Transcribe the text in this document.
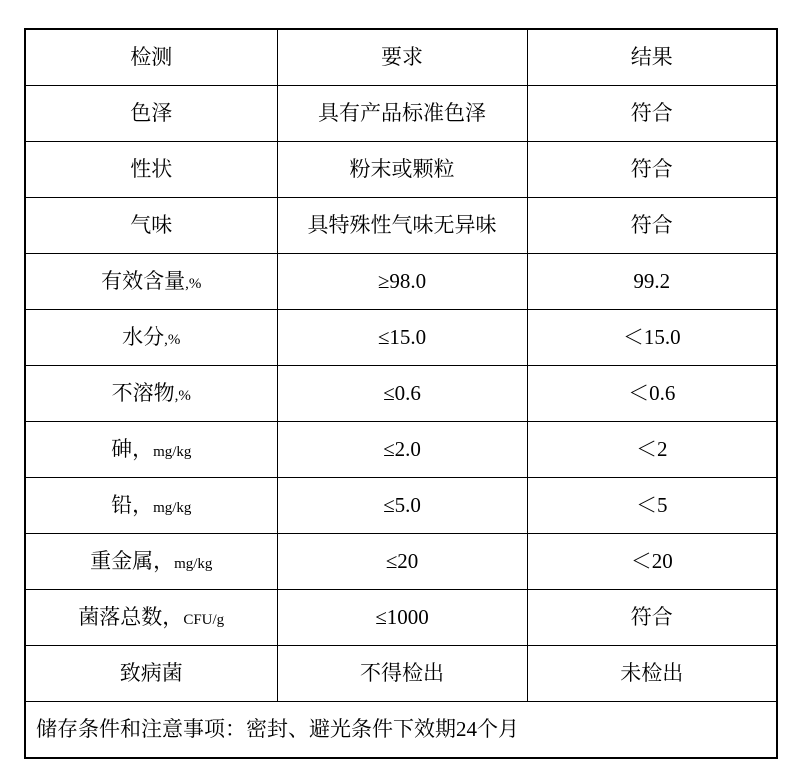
检测	要求	结果

色泽	具有产品标准色泽	符合

性状	粉末或颗粒	符合

气味	具特殊性气味无异味	符合

有效含量,%	≥98.0	99.2

水分,%	≤15.0	＜15.0

不溶物,%	≤0.6	＜0.6

砷，mg/kg	≤2.0	＜2

铅，mg/kg	≤5.0	＜5

重金属，mg/kg	≤20	＜20

菌落总数，CFU/g	≤1000	符合

致病菌	不得检出	未检出

储存条件和注意事项：密封、避光条件下效期24个月		
